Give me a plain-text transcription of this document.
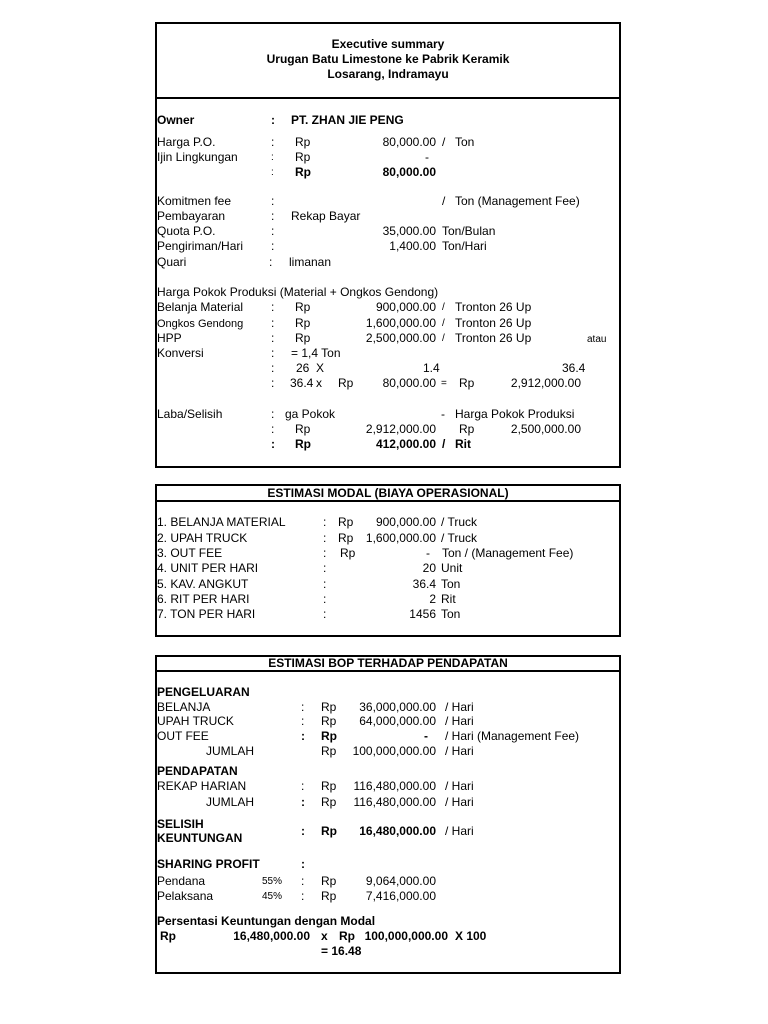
Executive summary
Urugan Batu Limestone ke Pabrik Keramik
Losarang, Indramayu
Owner	: PT. ZHAN JIE PENG
Harga P.O.	: Rp	80,000.00 / Ton
Ijin Lingkungan	: Rp	-
: Rp	80,000.00
Komitmen fee	:	/ Ton (Management Fee)
Pembayaran	: Rekap Bayar
Quota P.O.	:	35,000.00 Ton/Bulan
Pengiriman/Hari :	1,400.00 Ton/Hari
Quari	: limanan
Harga Pokok Produksi (Material + Ongkos Gendong)
Belanja Material : Rp	900,000.00 / Tronton 26 Up
Ongkos Gendong : Rp	1,600,000.00 / Tronton 26 Up
HPP	: Rp	2,500,000.00 / Tronton 26 Up	atau
Konversi	: = 1,4 Ton
: 26 X	1.4	36.4
: 36.4 x Rp	80,000.00 = Rp	2,912,000.00
Laba/Selisih	: ga Pokok	- Harga Pokok Produksi
: Rp	2,912,000.00 Rp	2,500,000.00
: Rp	412,000.00 / Rit
ESTIMASI MODAL (BIAYA OPERASIONAL)
1. BELANJA MATERIAL	: Rp	900,000.00 / Truck
2. UPAH TRUCK	: Rp	1,600,000.00 / Truck
3. OUT FEE	: Rp	- Ton / (Management Fee)
4. UNIT PER HARI	:	20 Unit
5. KAV. ANGKUT	:	36.4 Ton
6. RIT PER HARI	:	2 Rit
7. TON PER HARI	:	1456 Ton
ESTIMASI BOP TERHADAP PENDAPATAN
PENGELUARAN
BELANJA	: Rp	36,000,000.00 / Hari
UPAH TRUCK	: Rp	64,000,000.00 / Hari
OUT FEE	: Rp	- / Hari (Management Fee)
JUMLAH	Rp	100,000,000.00 / Hari
PENDAPATAN
REKAP HARIAN	: Rp	116,480,000.00 / Hari
JUMLAH	: Rp	116,480,000.00 / Hari
SELISIH
KEUNTUNGAN	: Rp	16,480,000.00 / Hari
SHARING PROFIT	:
Pendana	55% : Rp	9,064,000.00
Pelaksana	45% : Rp	7,416,000.00
Persentasi Keuntungan dengan Modal
Rp	16,480,000.00 x Rp 100,000,000.00 X 100
= 16.48
